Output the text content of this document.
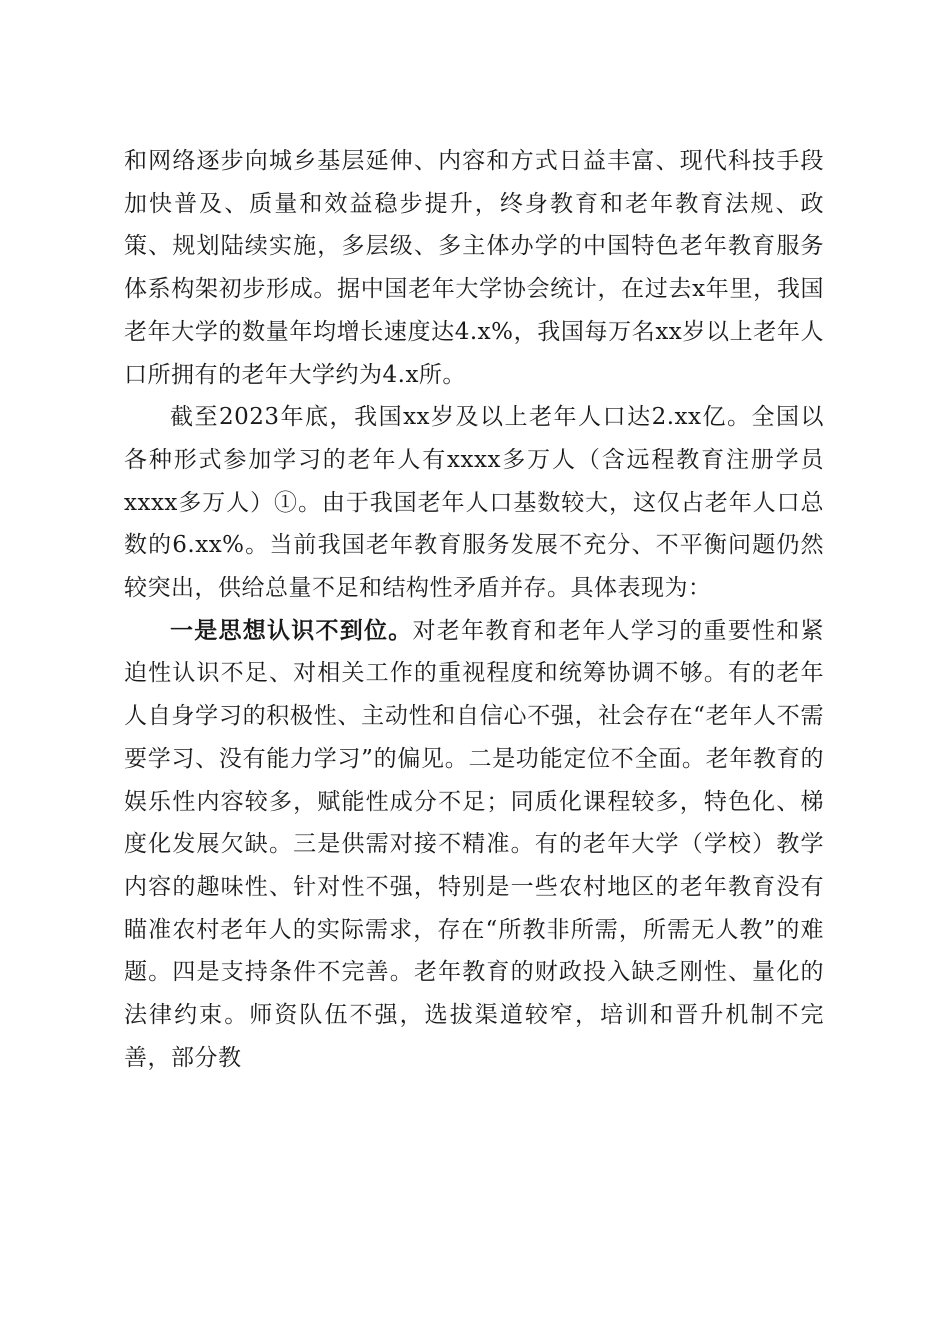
和网络逐步向城乡基层延伸、内容和方式日益丰富、现代科技手段加快普及、质量和效益稳步提升，终身教育和老年教育法规、政策、规划陆续实施，多层级、多主体办学的中国特色老年教育服务体系构架初步形成。据中国老年大学协会统计，在过去x年里，我国老年大学的数量年均增长速度达4.x%，我国每万名xx岁以上老年人口所拥有的老年大学约为4.x所。

截至2023年底，我国xx岁及以上老年人口达2.xx亿。全国以各种形式参加学习的老年人有xxxx多万人（含远程教育注册学员xxxx多万人）①。由于我国老年人口基数较大，这仅占老年人口总数的6.xx%。当前我国老年教育服务发展不充分、不平衡问题仍然较突出，供给总量不足和结构性矛盾并存。具体表现为：

一是思想认识不到位。对老年教育和老年人学习的重要性和紧迫性认识不足、对相关工作的重视程度和统筹协调不够。有的老年人自身学习的积极性、主动性和自信心不强，社会存在“老年人不需要学习、没有能力学习”的偏见。二是功能定位不全面。老年教育的娱乐性内容较多，赋能性成分不足；同质化课程较多，特色化、梯度化发展欠缺。三是供需对接不精准。有的老年大学（学校）教学内容的趣味性、针对性不强，特别是一些农村地区的老年教育没有瞄准农村老年人的实际需求，存在“所教非所需，所需无人教”的难题。四是支持条件不完善。老年教育的财政投入缺乏刚性、量化的法律约束。师资队伍不强，选拔渠道较窄，培训和晋升机制不完善，部分教
